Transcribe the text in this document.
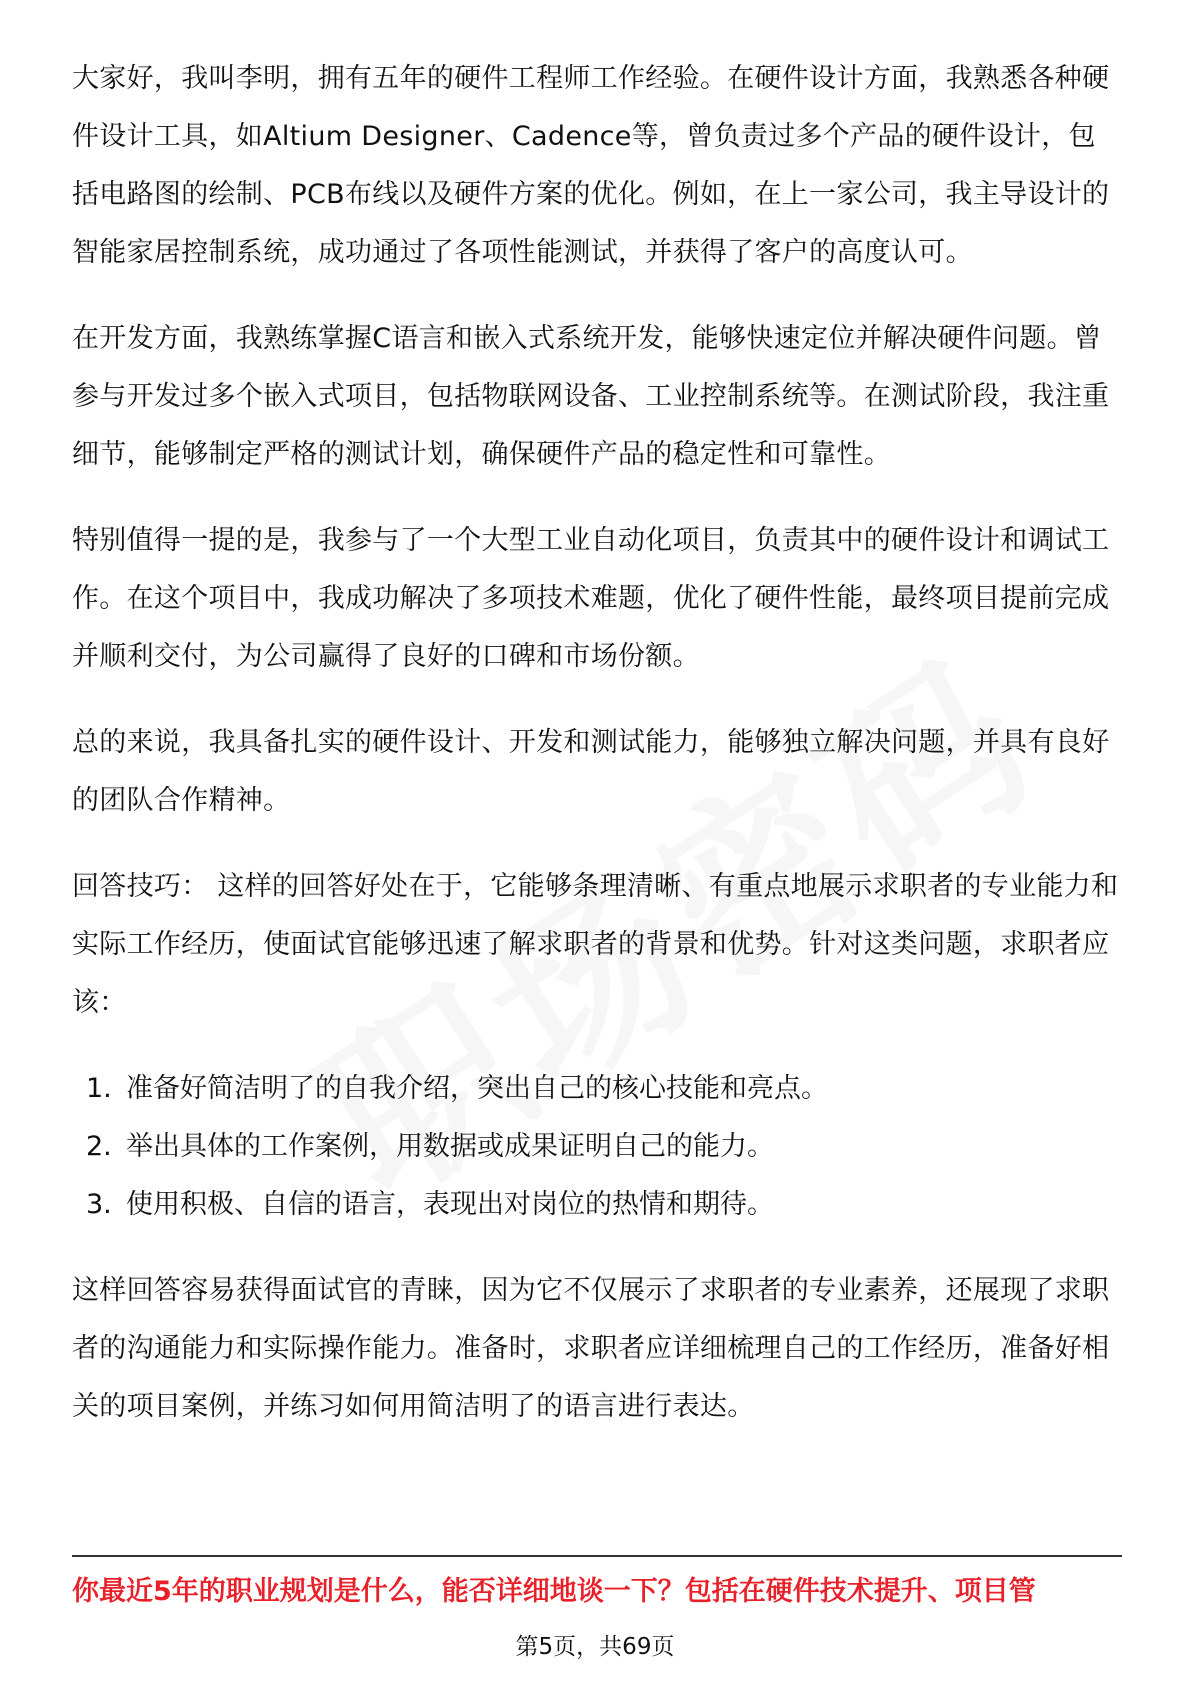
大家好，我叫李明，拥有五年的硬件工程师工作经验。在硬件设计方面，我熟悉各种硬件设计工具，如Altium Designer、Cadence等，曾负责过多个产品的硬件设计，包括电路图的绘制、PCB布线以及硬件方案的优化。例如，在上一家公司，我主导设计的智能家居控制系统，成功通过了各项性能测试，并获得了客户的高度认可。

在开发方面，我熟练掌握C语言和嵌入式系统开发，能够快速定位并解决硬件问题。曾参与开发过多个嵌入式项目，包括物联网设备、工业控制系统等。在测试阶段，我注重细节，能够制定严格的测试计划，确保硬件产品的稳定性和可靠性。

特别值得一提的是，我参与了一个大型工业自动化项目，负责其中的硬件设计和调试工作。在这个项目中，我成功解决了多项技术难题，优化了硬件性能，最终项目提前完成并顺利交付，为公司赢得了良好的口碑和市场份额。

总的来说，我具备扎实的硬件设计、开发和测试能力，能够独立解决问题，并具有良好的团队合作精神。

回答技巧： 这样的回答好处在于，它能够条理清晰、有重点地展示求职者的专业能力和实际工作经历，使面试官能够迅速了解求职者的背景和优势。针对这类问题，求职者应该：

1. 准备好简洁明了的自我介绍，突出自己的核心技能和亮点。
2. 举出具体的工作案例，用数据或成果证明自己的能力。
3. 使用积极、自信的语言，表现出对岗位的热情和期待。

这样回答容易获得面试官的青睐，因为它不仅展示了求职者的专业素养，还展现了求职者的沟通能力和实际操作能力。准备时，求职者应详细梳理自己的工作经历，准备好相关的项目案例，并练习如何用简洁明了的语言进行表达。

你最近5年的职业规划是什么，能否详细地谈一下？包括在硬件技术提升、项目管
第5页，共69页
